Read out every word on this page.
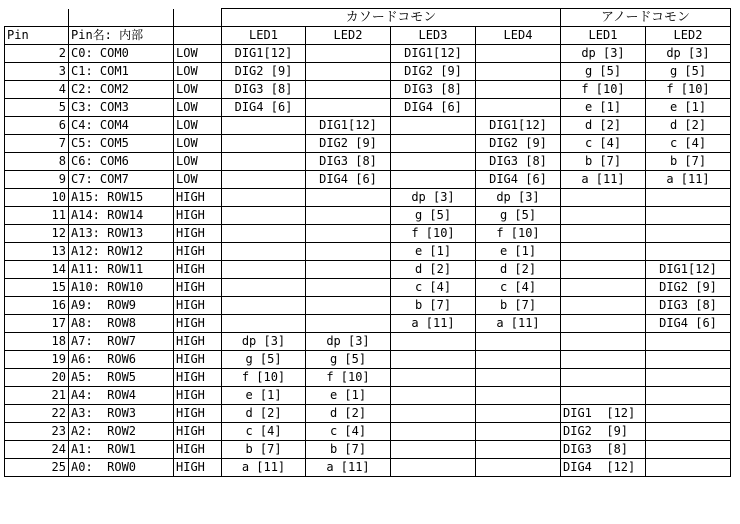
			カソードコモン				アノードコモン	
Pin	Pin名: 内部		LED1	LED2	LED3	LED4	LED1	LED2
2	C0: COM0	LOW	DIG1[12]		DIG1[12]		dp [3]	dp [3]
3	C1: COM1	LOW	DIG2 [9]		DIG2 [9]		g [5]	g [5]
4	C2: COM2	LOW	DIG3 [8]		DIG3 [8]		f [10]	f [10]
5	C3: COM3	LOW	DIG4 [6]		DIG4 [6]		e [1]	e [1]
6	C4: COM4	LOW		DIG1[12]		DIG1[12]	d [2]	d [2]
7	C5: COM5	LOW		DIG2 [9]		DIG2 [9]	c [4]	c [4]
8	C6: COM6	LOW		DIG3 [8]		DIG3 [8]	b [7]	b [7]
9	C7: COM7	LOW		DIG4 [6]		DIG4 [6]	a [11]	a [11]
10	A15: ROW15	HIGH			dp [3]	dp [3]		
11	A14: ROW14	HIGH			g [5]	g [5]		
12	A13: ROW13	HIGH			f [10]	f [10]		
13	A12: ROW12	HIGH			e [1]	e [1]		
14	A11: ROW11	HIGH			d [2]	d [2]		DIG1[12]
15	A10: ROW10	HIGH			c [4]	c [4]		DIG2 [9]
16	A9:  ROW9	HIGH			b [7]	b [7]		DIG3 [8]
17	A8:  ROW8	HIGH			a [11]	a [11]		DIG4 [6]
18	A7:  ROW7	HIGH	dp [3]	dp [3]				
19	A6:  ROW6	HIGH	g [5]	g [5]				
20	A5:  ROW5	HIGH	f [10]	f [10]				
21	A4:  ROW4	HIGH	e [1]	e [1]				
22	A3:  ROW3	HIGH	d [2]	d [2]			DIG1  [12]	
23	A2:  ROW2	HIGH	c [4]	c [4]			DIG2  [9]	
24	A1:  ROW1	HIGH	b [7]	b [7]			DIG3  [8]	
25	A0:  ROW0	HIGH	a [11]	a [11]			DIG4  [12]	
